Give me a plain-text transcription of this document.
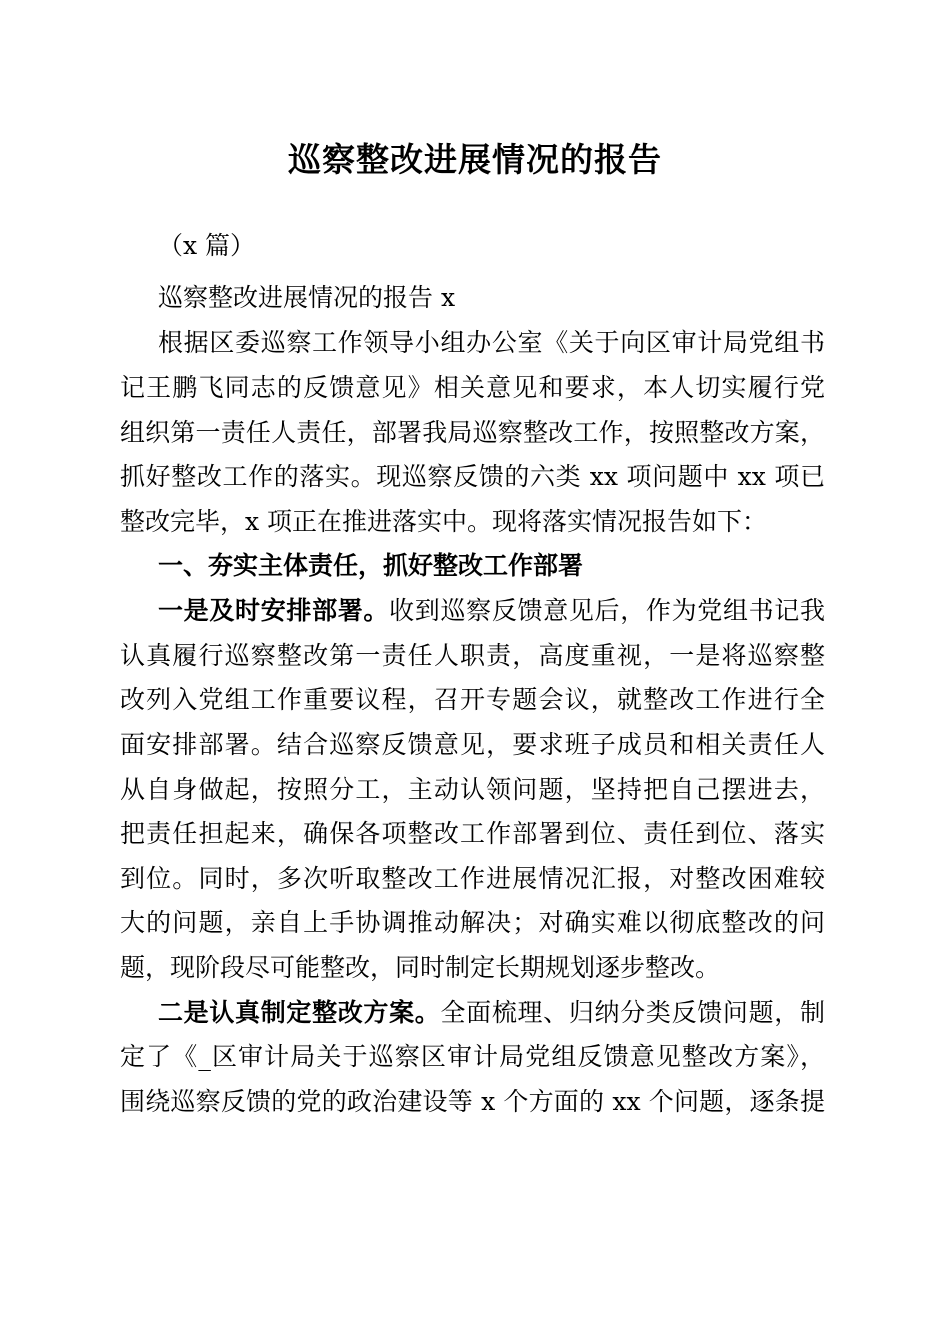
巡察整改进展情况的报告
（x 篇）
巡察整改进展情况的报告 x
根据区委巡察工作领导小组办公室《关于向区审计局党组书
记王鹏飞同志的反馈意见》相关意见和要求，本人切实履行党
组织第一责任人责任，部署我局巡察整改工作，按照整改方案，
抓好整改工作的落实。现巡察反馈的六类 xx 项问题中 xx 项已
整改完毕，x 项正在推进落实中。现将落实情况报告如下：
一、夯实主体责任，抓好整改工作部署
一是及时安排部署。收到巡察反馈意见后，作为党组书记我
认真履行巡察整改第一责任人职责，高度重视，一是将巡察整
改列入党组工作重要议程，召开专题会议，就整改工作进行全
面安排部署。结合巡察反馈意见，要求班子成员和相关责任人
从自身做起，按照分工，主动认领问题，坚持把自己摆进去，
把责任担起来，确保各项整改工作部署到位、责任到位、落实
到位。同时，多次听取整改工作进展情况汇报，对整改困难较
大的问题，亲自上手协调推动解决；对确实难以彻底整改的问
题，现阶段尽可能整改，同时制定长期规划逐步整改。
二是认真制定整改方案。全面梳理、归纳分类反馈问题，制
定了《_区审计局关于巡察区审计局党组反馈意见整改方案》，
围绕巡察反馈的党的政治建设等 x 个方面的 xx 个问题，逐条提
